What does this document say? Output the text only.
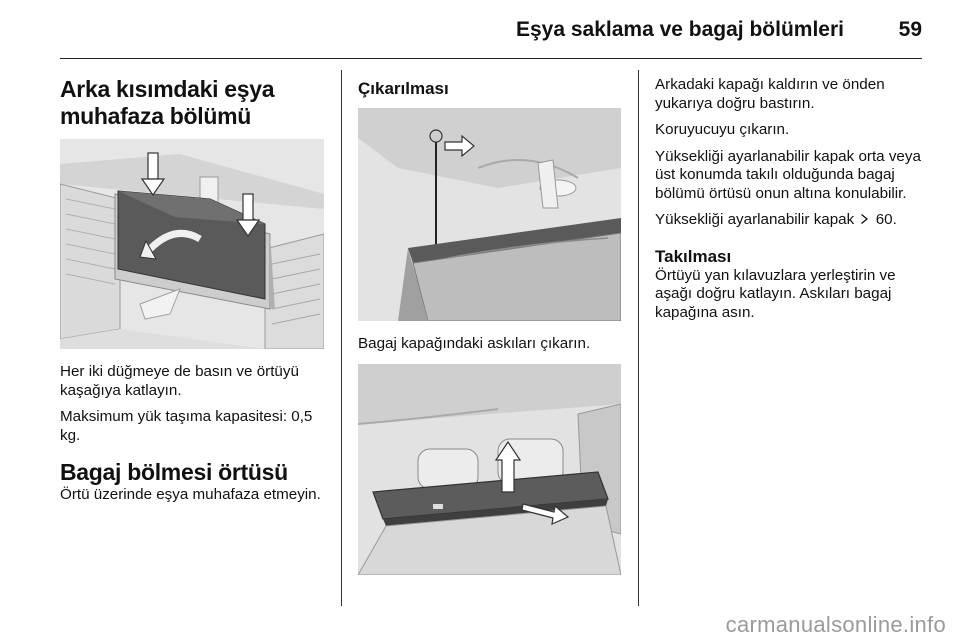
Eşya saklama ve bagaj bölümleri	59
Arka kısımdaki eşya muhafaza bölümü

Her iki düğmeye de basın ve örtüyü kaşağıya katlayın.

Maksimum yük taşıma kapasitesi: 0,5 kg.

Bagaj bölmesi örtüsü

Örtü üzerinde eşya muhafaza etmeyin.

Çıkarılması

Bagaj kapağındaki askıları çıkarın.

Arkadaki kapağı kaldırın ve önden yukarıya doğru bastırın.

Koruyucuyu çıkarın.

Yüksekliği ayarlanabilir kapak orta veya üst konumda takılı olduğunda bagaj bölümü örtüsü onun altına konulabilir.

Yüksekliği ayarlanabilir kapak 60.

Takılması

Örtüyü yan kılavuzlara yerleştirin ve aşağı doğru katlayın. Askıları bagaj kapağına asın.

carmanualsonline.info
